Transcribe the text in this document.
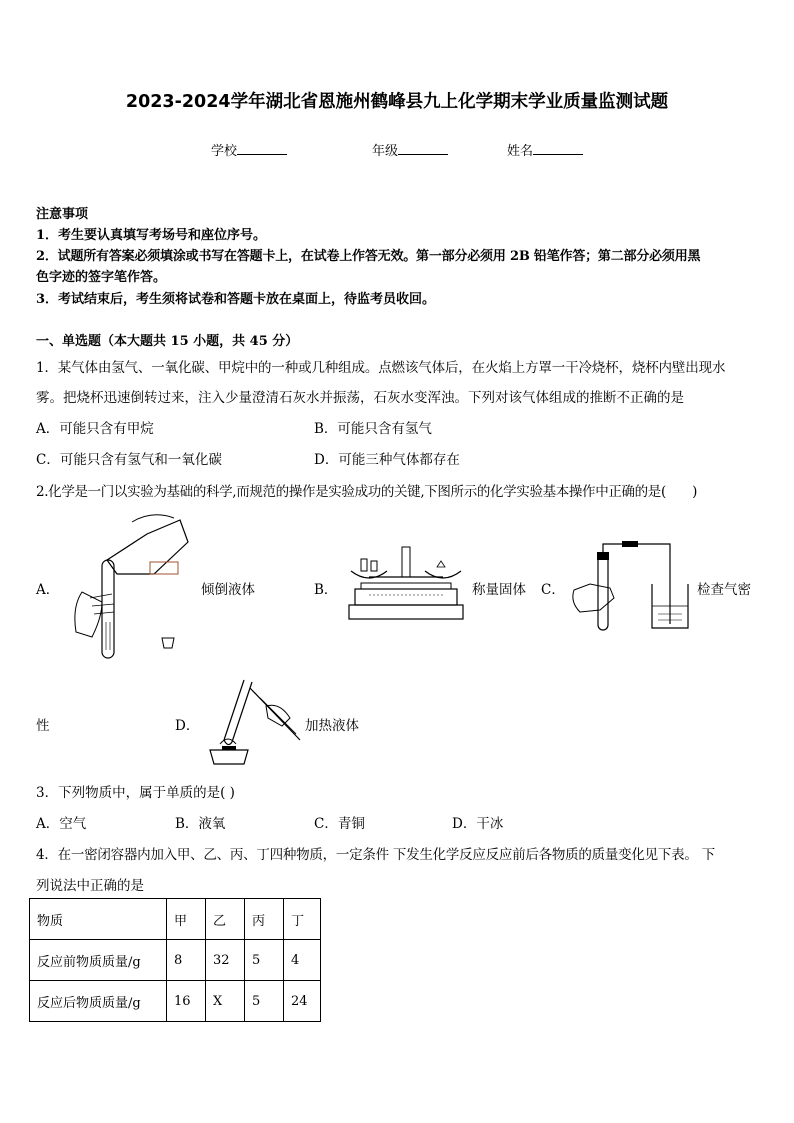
2023-2024学年湖北省恩施州鹤峰县九上化学期末学业质量监测试题
学校	年级	姓名
注意事项
1．考生要认真填写考场号和座位序号。
2．试题所有答案必须填涂或书写在答题卡上，在试卷上作答无效。第一部分必须用 2B 铅笔作答；第二部分必须用黑
色字迹的签字笔作答。
3．考试结束后，考生须将试卷和答题卡放在桌面上，待监考员收回。
一、单选题（本大题共 15 小题，共 45 分）
1．某气体由氢气、一氧化碳、甲烷中的一种或几种组成。点燃该气体后，在火焰上方罩一干冷烧杯，烧杯内壁出现水
雾。把烧杯迅速倒转过来，注入少量澄清石灰水并振荡，石灰水变浑浊。下列对该气体组成的推断不正确的是
A．可能只含有甲烷	B．可能只含有氢气
C．可能只含有氢气和一氧化碳	D．可能三种气体都存在
2.化学是一门以实验为基础的科学,而规范的操作是实验成功的关键,下图所示的化学实验基本操作中正确的是(　　)
A．	倾倒液体	B．	称量固体 C．	检查气密
性	D．	加热液体
3．下列物质中，属于单质的是( )
A．空气	B．液氧	C．青铜	D．干冰
4．在一密闭容器内加入甲、乙、丙、丁四种物质，一定条件 下发生化学反应反应前后各物质的质量变化见下表。 下
列说法中正确的是
物质	甲	乙	丙	丁
反应前物质质量/g	8	32	5	4
反应后物质质量/g	16	X	5	24
